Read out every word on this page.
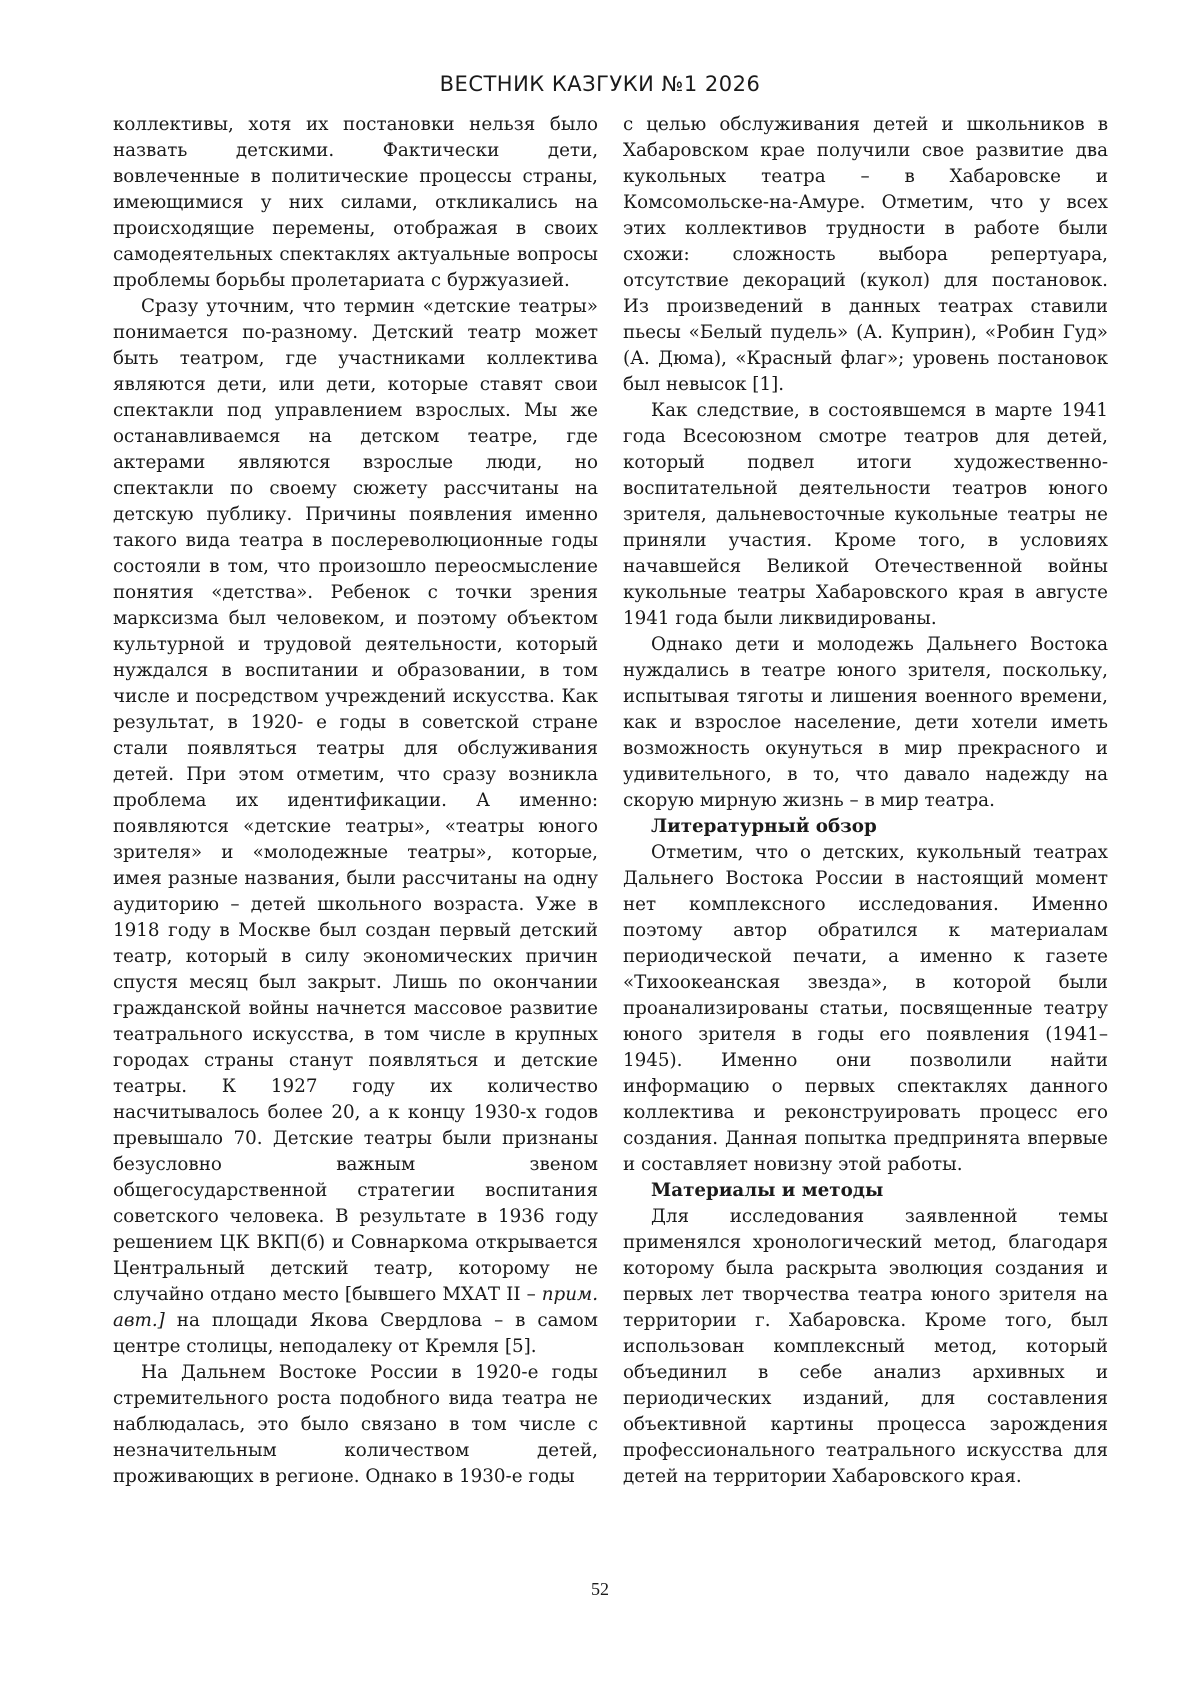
ВЕСТНИК КАЗГУКИ №1 2026

коллективы, хотя их постановки нельзя было назвать детскими. Фактически дети, вовлеченные в политические процессы страны, имеющимися у них силами, откликались на происходящие перемены, отображая в своих самодеятельных спектаклях актуальные вопросы проблемы борьбы пролетариата с буржуазией.

Сразу уточним, что термин «детские театры» понимается по-разному. Детский театр может быть театром, где участниками коллектива являются дети, или дети, которые ставят свои спектакли под управлением взрослых. Мы же останавливаемся на детском театре, где актерами являются взрослые люди, но спектакли по своему сюжету рассчитаны на детскую публику. Причины появления именно такого вида театра в послереволюционные годы состояли в том, что произошло переосмысление понятия «детства». Ребенок с точки зрения марксизма был человеком, и поэтому объектом культурной и трудовой деятельности, который нуждался в воспитании и образовании, в том числе и посредством учреждений искусства. Как результат, в 1920- е годы в советской стране стали появляться театры для обслуживания детей. При этом отметим, что сразу возникла проблема их идентификации. А именно: появляются «детские театры», «театры юного зрителя» и «молодежные театры», которые, имея разные названия, были рассчитаны на одну аудиторию – детей школьного возраста. Уже в 1918 году в Москве был создан первый детский театр, который в силу экономических причин спустя месяц был закрыт. Лишь по окончании гражданской войны начнется массовое развитие театрального искусства, в том числе в крупных городах страны станут появляться и детские театры. К 1927 году их количество насчитывалось более 20, а к концу 1930-х годов превышало 70. Детские театры были признаны безусловно важным звеном общегосударственной стратегии воспитания советского человека. В результате в 1936 году решением ЦК ВКП(б) и Совнаркома открывается Центральный детский театр, которому не случайно отдано место [бывшего МХАТ II – прим. авт.] на площади Якова Свердлова – в самом центре столицы, неподалеку от Кремля [5].

На Дальнем Востоке России в 1920-е годы стремительного роста подобного вида театра не наблюдалась, это было связано в том числе с незначительным количеством детей, проживающих в регионе. Однако в 1930-е годы

с целью обслуживания детей и школьников в Хабаровском крае получили свое развитие два кукольных театра – в Хабаровске и Комсомольске-на-Амуре. Отметим, что у всех этих коллективов трудности в работе были схожи: сложность выбора репертуара, отсутствие декораций (кукол) для постановок. Из произведений в данных театрах ставили пьесы «Белый пудель» (А. Куприн), «Робин Гуд» (А. Дюма), «Красный флаг»; уровень постановок был невысок [1].

Как следствие, в состоявшемся в марте 1941 года Всесоюзном смотре театров для детей, который подвел итоги художественно-воспитательной деятельности театров юного зрителя, дальневосточные кукольные театры не приняли участия. Кроме того, в условиях начавшейся Великой Отечественной войны кукольные театры Хабаровского края в августе 1941 года были ликвидированы.

Однако дети и молодежь Дальнего Востока нуждались в театре юного зрителя, поскольку, испытывая тяготы и лишения военного времени, как и взрослое население, дети хотели иметь возможность окунуться в мир прекрасного и удивительного, в то, что давало надежду на скорую мирную жизнь – в мир театра.

Литературный обзор

Отметим, что о детских, кукольный театрах Дальнего Востока России в настоящий момент нет комплексного исследования. Именно поэтому автор обратился к материалам периодической печати, а именно к газете «Тихоокеанская звезда», в которой были проанализированы статьи, посвященные театру юного зрителя в годы его появления (1941–1945). Именно они позволили найти информацию о первых спектаклях данного коллектива и реконструировать процесс его создания. Данная попытка предпринята впервые и составляет новизну этой работы.

Материалы и методы

Для исследования заявленной темы применялся хронологический метод, благодаря которому была раскрыта эволюция создания и первых лет творчества театра юного зрителя на территории г. Хабаровска. Кроме того, был использован комплексный метод, который объединил в себе анализ архивных и периодических изданий, для составления объективной картины процесса зарождения профессионального театрального искусства для детей на территории Хабаровского края.

52
